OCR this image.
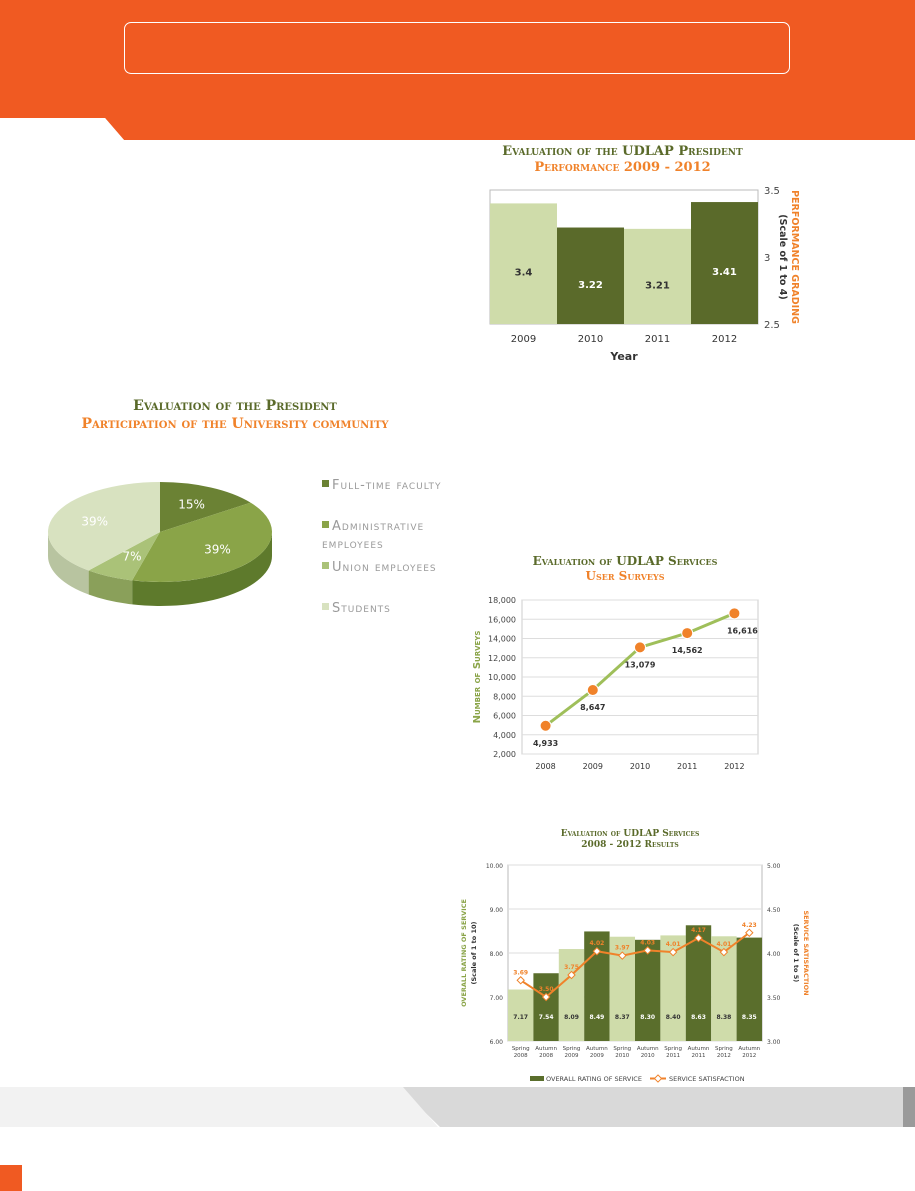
Evaluation of the UDLAP President
Performance 2009 - 2012
3.4
2009
3.22
2010
3.21
2011
3.41
2012
3.5
3
2.5
Year
PERFORMANCE GRADING
(Scale of 1 to 4)
Evaluation of the President
Participation of the University community
15%
39%
7%
39%
Full-time faculty
Administrative employees
Union employees
Students
Evaluation of UDLAP Services
User Surveys
2,000
4,000
6,000
8,000
10,000
12,000
14,000
16,000
18,000
4,933
2008
8,647
2009
13,079
2010
14,562
2011
16,616
2012
Number of Surveys
Evaluation of UDLAP Services
2008 - 2012 Results
10.00
9.00
8.00
7.00
6.00
5.00
4.50
4.00
3.50
3.00
7.17
Spring
2008
7.54
Autumn
2008
8.09
Spring
2009
8.49
Autumn
2009
8.37
Spring
2010
8.30
Autumn
2010
8.40
Spring
2011
8.63
Autumn
2011
8.38
Spring
2012
8.35
Autumn
2012
3.69
3.50
3.75
4.02
3.97
4.03 4.01
4.17
4.01
4.23
OVERALL RATING OF SERVICE (Scale of 1 to 10)	SERVICE SATISFACTION
(Scale of 1 to 5)
OVERALL RATING OF SERVICE	SERVICE SATISFACTION
